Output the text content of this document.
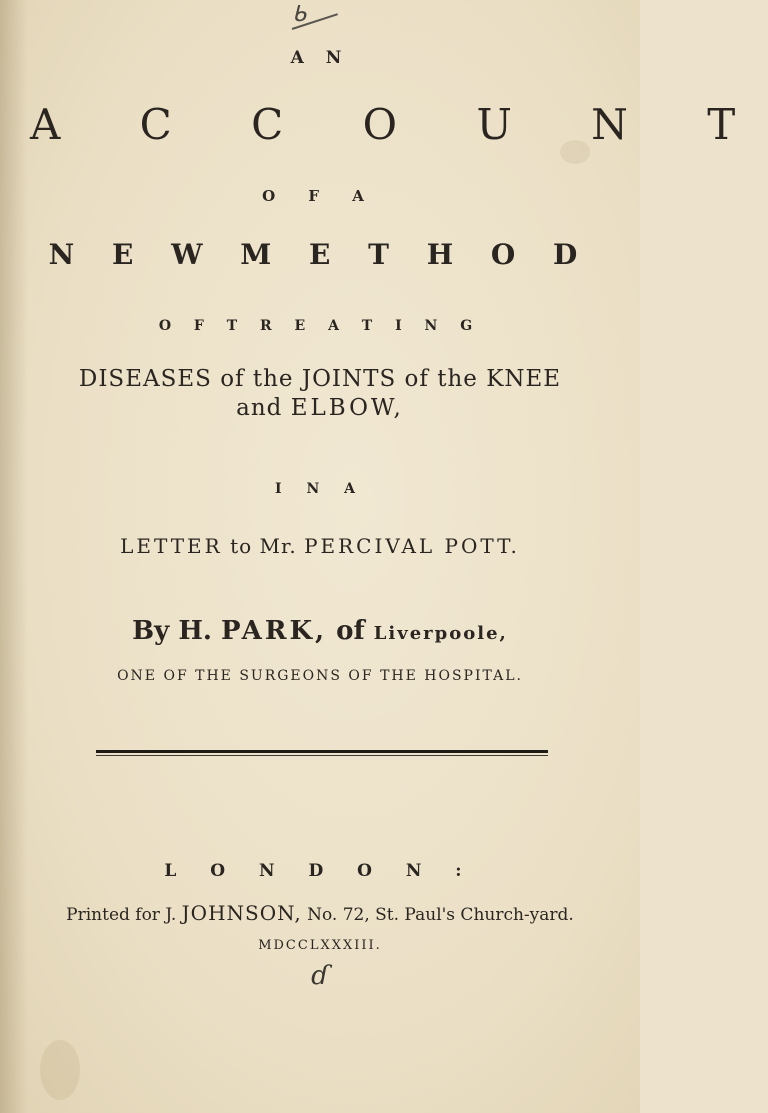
ᑲ
A N
A C C O U N T
O F A
N E W M E T H O D
O F T R E A T I N G
DISEASES of the JOINTS of the KNEE
and ELBOW,
I N A
LETTER to Mr. PERCIVAL POTT.
By H. PARK, of Liverpoole,
ONE OF THE SURGEONS OF THE HOSPITAL.
L O N D O N :
Printed for J. JOHNSON, No. 72, St. Paul's Church-yard.
MDCCLXXXIII.
ɗ
